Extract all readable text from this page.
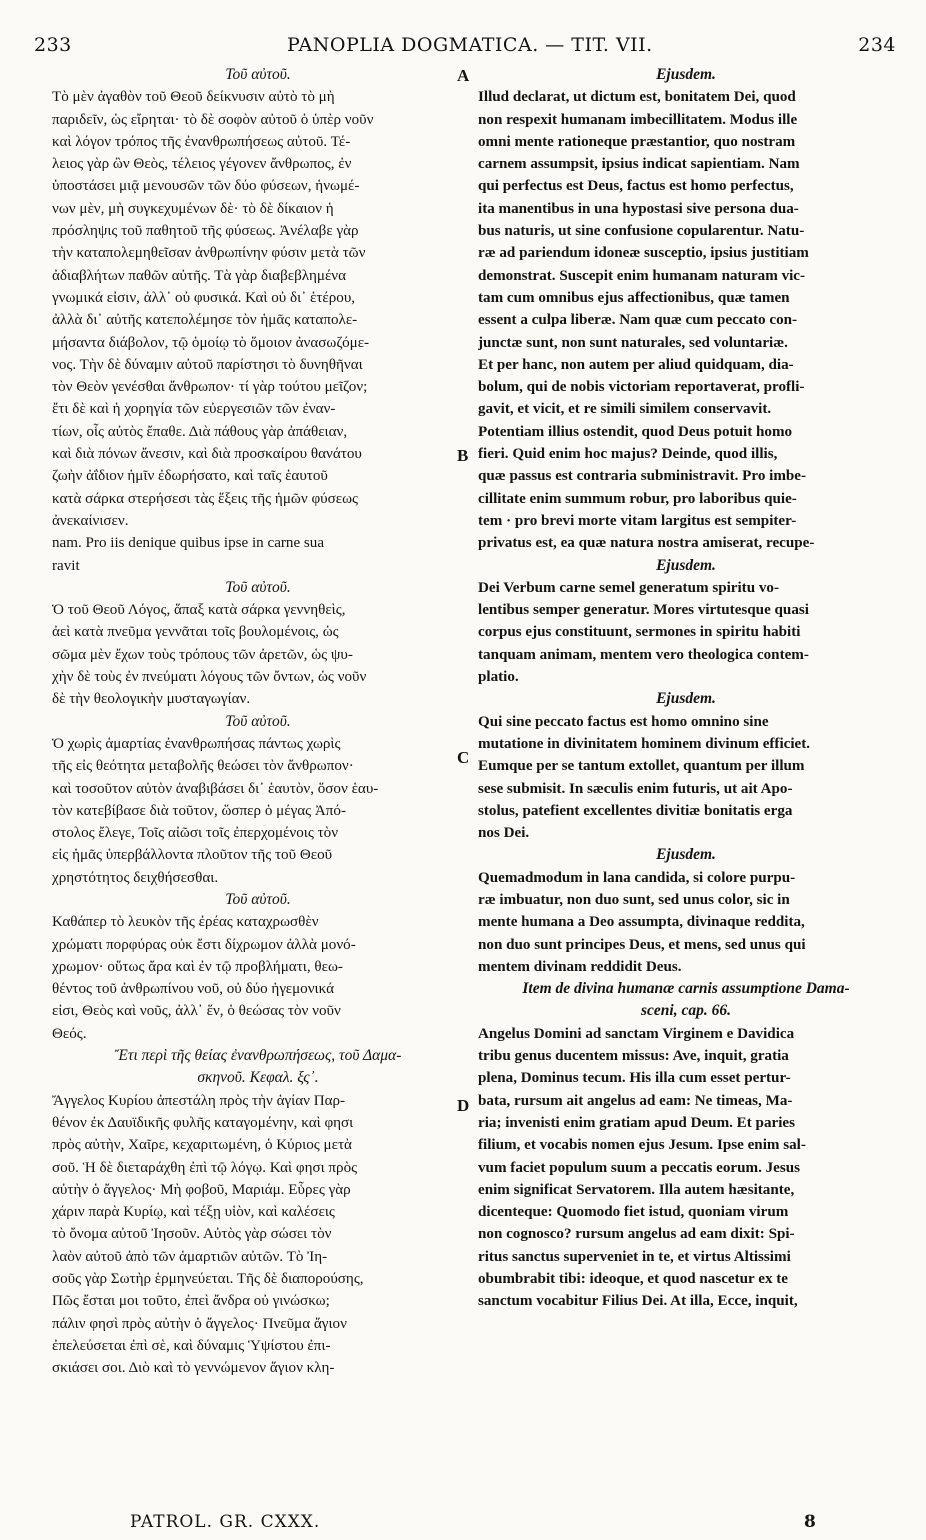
233	PANOPLIA DOGMATICA. — TIT. VII.	234
Τοῦ αὐτοῦ.
Τὸ μὲν ἀγαθὸν τοῦ Θεοῦ δείκνυσιν αὐτὸ τὸ μὴ
παριδεῖν, ὡς εἴρηται· τὸ δὲ σοφὸν αὐτοῦ ὁ ὑπὲρ νοῦν
καὶ λόγον τρόπος τῆς ἐνανθρωπήσεως αὐτοῦ. Τέ-
λειος γὰρ ὢν Θεὸς, τέλειος γέγονεν ἄνθρωπος, ἐν
ὑποστάσει μιᾷ μενουσῶν τῶν δύο φύσεων, ἡνωμέ-
νων μὲν, μὴ συγκεχυμένων δὲ· τὸ δὲ δίκαιον ἡ
πρόσληψις τοῦ παθητοῦ τῆς φύσεως. Ἀνέλαβε γὰρ
τὴν καταπολεμηθεῖσαν ἀνθρωπίνην φύσιν μετὰ τῶν
ἀδιαβλήτων παθῶν αὐτῆς. Τὰ γὰρ διαβεβλημένα
γνωμικά εἰσιν, ἀλλ᾽ οὐ φυσικά. Καὶ οὐ δι᾽ ἑτέρου,
ἀλλὰ δι᾽ αὐτῆς κατεπολέμησε τὸν ἡμᾶς καταπολε-
μήσαντα διάβολον, τῷ ὁμοίῳ τὸ ὅμοιον ἀνασωζόμε-
νος. Τὴν δὲ δύναμιν αὐτοῦ παρίστησι τὸ δυνηθῆναι
τὸν Θεὸν γενέσθαι ἄνθρωπον· τί γὰρ τούτου μεῖζον;
ἔτι δὲ καὶ ἡ χορηγία τῶν εὐεργεσιῶν τῶν ἐναν-
τίων, οἷς αὐτὸς ἔπαθε. Διὰ πάθους γὰρ ἀπάθειαν,
καὶ διὰ πόνων ἄνεσιν, καὶ διὰ προσκαίρου θανάτου
ζωὴν ἀΐδιον ἡμῖν ἐδωρήσατο, καὶ ταῖς ἑαυτοῦ
κατὰ σάρκα στερήσεσι τὰς ἕξεις τῆς ἡμῶν φύσεως
ἀνεκαίνισεν.
nam. Pro iis denique quibus ipse in carne sua
ravit
Τοῦ αὐτοῦ.
Ὁ τοῦ Θεοῦ Λόγος, ἅπαξ κατὰ σάρκα γεννηθεὶς,
ἀεὶ κατὰ πνεῦμα γεννᾶται τοῖς βουλομένοις, ὡς
σῶμα μὲν ἔχων τοὺς τρόπους τῶν ἀρετῶν, ὡς ψυ-
χὴν δὲ τοὺς ἐν πνεύματι λόγους τῶν ὄντων, ὡς νοῦν
δὲ τὴν θεολογικὴν μυσταγωγίαν.
Τοῦ αὐτοῦ.
Ὁ χωρὶς ἁμαρτίας ἐνανθρωπήσας πάντως χωρὶς
τῆς εἰς θεότητα μεταβολῆς θεώσει τὸν ἄνθρωπον·
καὶ τοσοῦτον αὐτὸν ἀναβιβάσει δι᾽ ἑαυτὸν, ὅσον ἑαυ-
τὸν κατεβίβασε διὰ τοῦτον, ὥσπερ ὁ μέγας Ἀπό-
στολος ἔλεγε, Τοῖς αἰῶσι τοῖς ἐπερχομένοις τὸν
εἰς ἡμᾶς ὑπερβάλλοντα πλοῦτον τῆς τοῦ Θεοῦ
χρηστότητος δειχθήσεσθαι.
Τοῦ αὐτοῦ.
Καθάπερ τὸ λευκὸν τῆς ἐρέας καταχρωσθὲν
χρώματι πορφύρας οὐκ ἔστι δίχρωμον ἀλλὰ μονό-
χρωμον· οὕτως ἄρα καὶ ἐν τῷ προβλήματι, θεω-
θέντος τοῦ ἀνθρωπίνου νοῦ, οὐ δύο ἡγεμονικά
εἰσι, Θεὸς καὶ νοῦς, ἀλλ᾽ ἕν, ὁ θεώσας τὸν νοῦν
Θεός.
Ἔτι περὶ τῆς θείας ἐνανθρωπήσεως, τοῦ Δαμα-
σκηνοῦ. Κεφαλ. ξς᾽.
Ἄγγελος Κυρίου ἀπεστάλη πρὸς τὴν ἁγίαν Παρ-
θένον ἐκ Δαυϊδικῆς φυλῆς καταγομένην, καὶ φησι
πρὸς αὐτὴν, Χαῖρε, κεχαριτωμένη, ὁ Κύριος μετὰ
σοῦ. Ἡ δὲ διεταράχθη ἐπὶ τῷ λόγῳ. Καὶ φησι πρὸς
αὐτὴν ὁ ἄγγελος· Μὴ φοβοῦ, Μαριάμ. Εὗρες γὰρ
χάριν παρὰ Κυρίῳ, καὶ τέξῃ υἱὸν, καὶ καλέσεις
τὸ ὄνομα αὐτοῦ Ἰησοῦν. Αὐτὸς γὰρ σώσει τὸν
λαὸν αὐτοῦ ἀπὸ τῶν ἁμαρτιῶν αὐτῶν. Τὸ Ἰη-
σοῦς γὰρ Σωτὴρ ἑρμηνεύεται. Τῆς δὲ διαπορούσης,
Πῶς ἔσται μοι τοῦτο, ἐπεὶ ἄνδρα οὐ γινώσκω;
πάλιν φησὶ πρὸς αὐτὴν ὁ ἄγγελος· Πνεῦμα ἅγιον
ἐπελεύσεται ἐπὶ σὲ, καὶ δύναμις Ὑψίστου ἐπι-
σκιάσει σοι. Διὸ καὶ τὸ γεννώμενον ἅγιον κλη-
Ejusdem.
Illud declarat, ut dictum est, bonitatem Dei, quod
non respexit humanam imbecillitatem. Modus ille
omni mente rationeque præstantior, quo nostram
carnem assumpsit, ipsius indicat sapientiam. Nam
qui perfectus est Deus, factus est homo perfectus,
ita manentibus in una hypostasi sive persona dua-
bus naturis, ut sine confusione copularentur. Natu-
ræ ad pariendum idoneæ susceptio, ipsius justitiam
demonstrat. Suscepit enim humanam naturam vic-
tam cum omnibus ejus affectionibus, quæ tamen
essent a culpa liberæ. Nam quæ cum peccato con-
junctæ sunt, non sunt naturales, sed voluntariæ.
Et per hanc, non autem per aliud quidquam, dia-
bolum, qui de nobis victoriam reportaverat, profli-
gavit, et vicit, et re simili similem conservavit.
Potentiam illius ostendit, quod Deus potuit homo
fieri. Quid enim hoc majus? Deinde, quod illis,
quæ passus est contraria subministravit. Pro imbe-
cillitate enim summum robur, pro laboribus quie-
tem · pro brevi morte vitam largitus est sempiter-
privatus est, ea quæ natura nostra amiserat, recupe-
Ejusdem.
Dei Verbum carne semel generatum spiritu vo-
lentibus semper generatur. Mores virtutesque quasi
corpus ejus constituunt, sermones in spiritu habiti
tanquam animam, mentem vero theologica contem-
platio.
Ejusdem.
Qui sine peccato factus est homo omnino sine
mutatione in divinitatem hominem divinum efficiet.
Eumque per se tantum extollet, quantum per illum
sese submisit. In sæculis enim futuris, ut ait Apo-
stolus, patefient excellentes divitiæ bonitatis erga
nos Dei.
Ejusdem.
Quemadmodum in lana candida, si colore purpu-
ræ imbuatur, non duo sunt, sed unus color, sic in
mente humana a Deo assumpta, divinaque reddita,
non duo sunt principes Deus, et mens, sed unus qui
mentem divinam reddidit Deus.
Item de divina humanæ carnis assumptione Dama-
sceni, cap. 66.
Angelus Domini ad sanctam Virginem e Davidica
tribu genus ducentem missus: Ave, inquit, gratia
plena, Dominus tecum. His illa cum esset pertur-
bata, rursum ait angelus ad eam: Ne timeas, Ma-
ria; invenisti enim gratiam apud Deum. Et paries
filium, et vocabis nomen ejus Jesum. Ipse enim sal-
vum faciet populum suum a peccatis eorum. Jesus
enim significat Servatorem. Illa autem hæsitante,
dicenteque: Quomodo fiet istud, quoniam virum
non cognosco? rursum angelus ad eam dixit: Spi-
ritus sanctus superveniet in te, et virtus Altissimi
obumbrabit tibi: ideoque, et quod nascetur ex te
sanctum vocabitur Filius Dei. At illa, Ecce, inquit,
A
B
C
D
PATROL. GR. CXXX.	8
